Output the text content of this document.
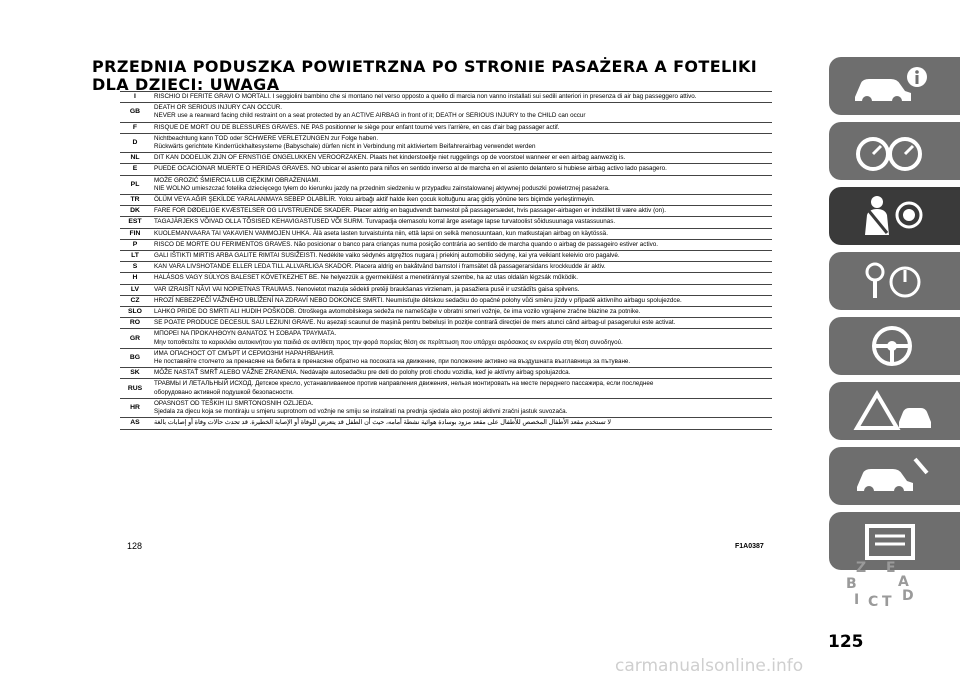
PRZEDNIA PODUSZKA POWIETRZNA PO STRONIE PASAŻERA A FOTELIKI DLA DZIECI: UWAGA
I	RISCHIO DI FERITE GRAVI O MORTALI. I seggiolini bambino che si montano nel verso opposto a quello di marcia non vanno installati sui sedili anteriori in presenza di air bag passeggero attivo.
GB	DEATH OR SERIOUS INJURY CAN OCCUR.
NEVER use a rearward facing child restraint on a seat protected by an ACTIVE AIRBAG in front of it; DEATH or SERIOUS INJURY to the CHILD can occur

F	RISQUE DE MORT OU DE BLESSURES GRAVES. NE PAS positionner le siège pour enfant tourné vers l'arrière, en cas d'air bag passager actif.
D	Nichtbeachtung kann TOD oder SCHWERE VERLETZUNGEN zur Folge haben.
Rückwärts gerichtete Kinderrückhaltesysteme (Babyschale) dürfen nicht in Verbindung mit aktiviertem Beifahrerairbag verwendet werden

NL	DIT KAN DODELIJK ZIJN OF ERNSTIGE ONGELUKKEN VEROORZAKEN. Plaats het kinderstoeltje niet ruggelings op de voorstoel wanneer er een airbag aanwezig is.
E	PUEDE OCACIONAR MUERTE O HERIDAS GRAVES. NO ubicar el asiento para niños en sentido inverso al de marcha en el asiento delantero si hubiese airbag activo lado pasagero.
PL	MOŻE GROZIĆ ŚMIERCIA LUB CIĘŻKIMI OBRAŻENIAMI.
NIE WOLNO umieszczać fotelika dziecięcego tyłem do kierunku jazdy na przednim siedzeniu w przypadku zainstalowanej aktywnej poduszki powietrznej pasażera.

TR	ÖLÜM VEYA AĞIR ŞEKİLDE YARALANMAYA SEBEP OLABİLİR. Yolcu airbağı aktif halde iken çocuk koltuğunu araç gidiş yönüne ters biçimde yerleştirmeyin.
DK	FARE FOR DØDELIGE KVÆSTELSER OG LIVSTRUENDE SKADER. Placer aldrig en bagudvendt barnestol på passagersædet, hvis passager-airbagen er indstillet til være aktiv (on).
EST	TAGAJÄRJEKS VÕIVAD OLLA TÕSISED KEHAVIGASTUSED VÕI SURM. Turvapadja olemasolu korral ärge asetage lapse turvatoolist sõidusuunaga vastassuunas.
FIN	KUOLEMANVAARA TAI VAKAVIEN VAMMOJEN UHKA. Älä aseta lasten turvaistuinta niin, että lapsi on selkä menosuuntaan, kun matkustajan airbag on käytössä.
P	RISCO DE MORTE OU FERIMENTOS GRAVES. Não posicionar o banco para crianças numa posição contrária ao sentido de marcha quando o airbag de passageiro estiver activo.
LT	GALI IŠTIKTI MIRTIS ARBA GALITE RIMTAI SUSIŽEISTI. Nedėkite vaiko sėdynės atgręžtos nugara į priekinį automobilio sėdynę, kai yra veikiant keleivio oro pagalvė.
S	KAN VARA LIVSHOTANDE ELLER LEDA TILL ALLVARLIGA SKADOR. Placera aldrig en bakåtvänd barnstol i framsätet då passagerarsidans krockkudde är aktiv.
H	HALÁSOS VAGY SÚLYOS BALESET KÖVETKEZHET BE. Ne helyezzük a gyermekülést a menetiránnyal szembe, ha az utas oldalán légzsák működik.
LV	VAR IZRAISĪT NĀVI VAI NOPIETNAS TRAUMAS. Nenovietot mazuļa sēdekli pretēji braukšanas virzienam, ja pasažiera pusē ir uzstādīts gaisa spilvens.
CZ	HROZÍ NEBEZPEČÍ VÁŽNÉHO UBLÍŽENÍ NA ZDRAVÍ NEBO DOKONCE SMRTI. Neumísťujte dětskou sedačku do opačné polohy vůči směru jízdy v případě aktivního airbagu spolujezdce.
SLO	LAHKO PRIDE DO SMRTI ALI HUDIH POŠKODB. Otroškega avtomobilskega sedeža ne nameščajte v obratni smeri vožnje, če ima vozilo vgrajene zračne blazine za potnike.
RO	SE POATE PRODUCE DECESUL SAU LEZIUNI GRAVE. Nu așezați scaunul de mașină pentru bebeluși în poziție contrară direcției de mers atunci când airbag-ul pasagerului este activat.
GR	ΜΠΟΡΕΙ ΝΑ ΠΡΟΚΛΗΘΟΥΝ ΘΑΝΑΤΟΣ Ή ΣΟΒΑΡΑ ΤΡΑΥΜΑΤΑ.
Μην τοποθετείτε το καρεκλάκι αυτοκινήτου για παιδιά σε αντίθετη προς την φορά πορείας θέση σε περίπτωση που υπάρχει αερόσακος εν ενεργεία στη θέση συνοδηγού.

BG	ИМА ОПАСНОСТ ОТ СМЪРТ И СЕРИОЗНИ НАРАНЯВАНИЯ.
Не поставяйте столчето за пренасяне на бебета в пренасяне обратно на посоката на движение, при положение активно на въздушната възглавница за пътуване.

SK	MÔŽE NASTAŤ SMRŤ ALEBO VÁŽNE ZRANENIA. Nedávajte autosedačku pre deti do polohy proti chodu vozidla, keď je aktívny airbag spolujazdca.
RUS	ТРАВМЫ И ЛЕТАЛЬНЫЙ ИСХОД. Детское кресло, устанавливаемое против направления движения, нельзя монтировать на месте переднего пассажира, если последнее
оборудовано активной подушкой безопасности.

HR	OPASNOST OD TEŠKIH ILI SMRTONOSNIH OZLJEDA.
Sjedala za djecu koja se montiraju u smjeru suprotnom od vožnje ne smiju se instalirati na prednja sjedala ako postoji aktivni zračni jastuk suvozača.

AS	لا تستخدم مقعد الأطفال المخصص للأطفال على مقعد مزود بوسادة هوائية نشطة أمامه، حيث أن الطفل قد يتعرض للوفاة أو الإصابة الخطيرة. قد تحدث حالات وفاة أو إصابات بالغة
128	F1A0387
125
carmanualsonline.info
Z E
B	A
I C T D
